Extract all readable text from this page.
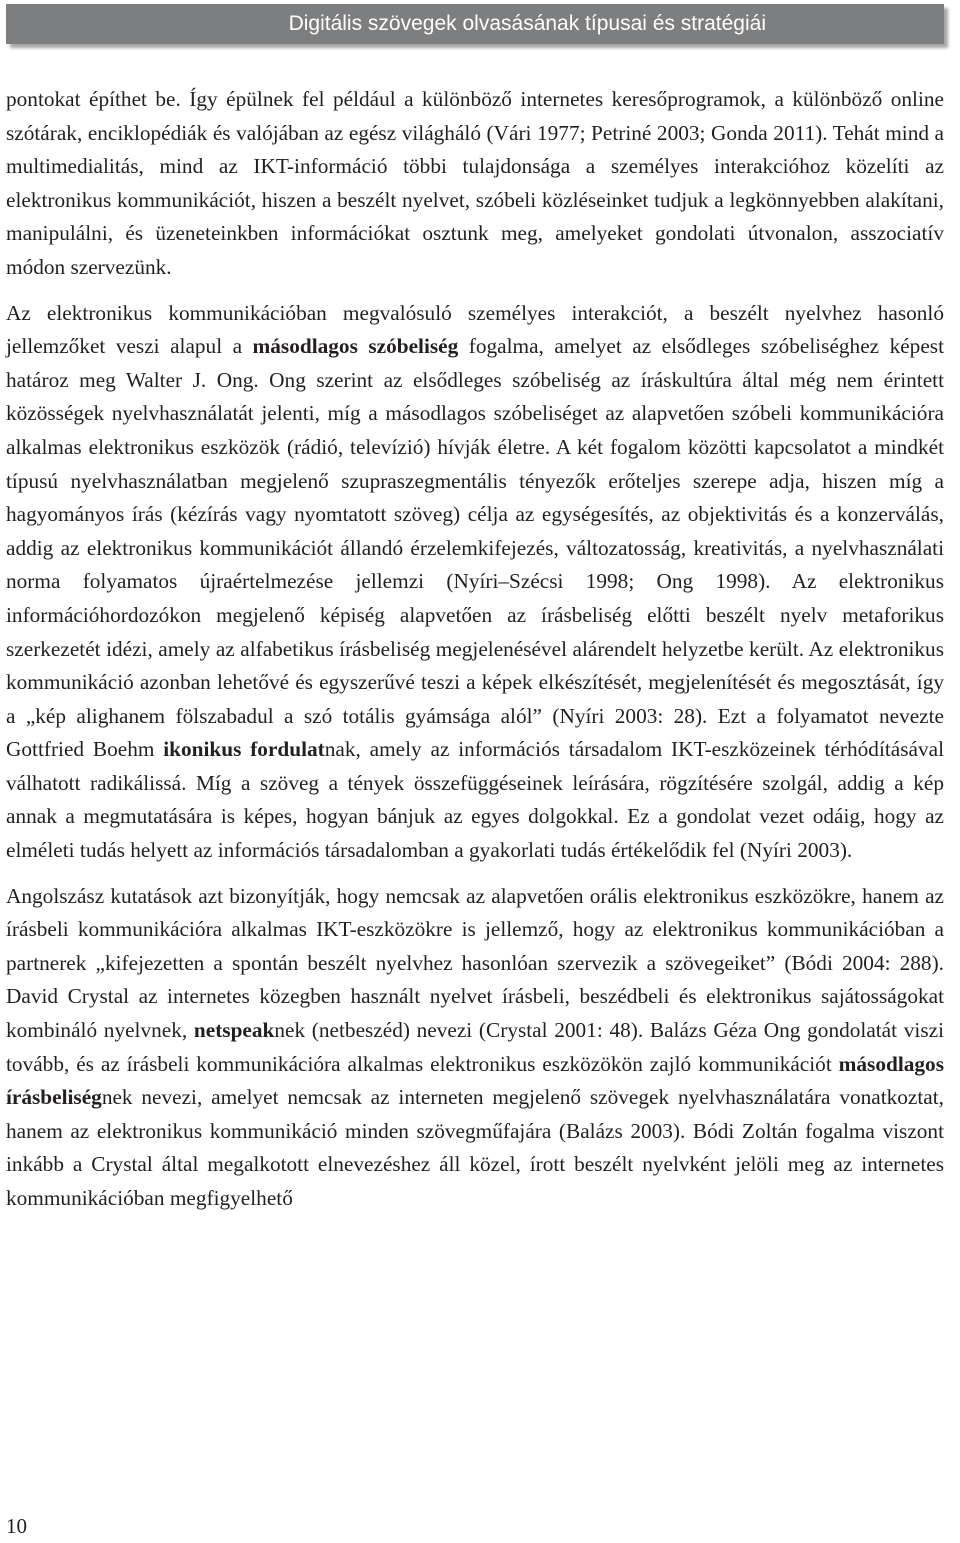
Digitális szövegek olvasásának típusai és stratégiái

pontokat építhet be. Így épülnek fel például a különböző internetes keresőprogramok, a különböző online szótárak, enciklopédiák és valójában az egész világháló (Vári 1977; Petriné 2003; Gonda 2011). Tehát mind a multimedialitás, mind az IKT-információ többi tulajdonsága a személyes interakcióhoz közelíti az elektronikus kommunikációt, hiszen a beszélt nyelvet, szóbeli közléseinket tudjuk a legkönnyebben alakítani, manipulálni, és üzeneteinkben információkat osztunk meg, amelyeket gondolati útvonalon, asszociatív módon szervezünk.

Az elektronikus kommunikációban megvalósuló személyes interakciót, a beszélt nyelvhez hasonló jellemzőket veszi alapul a másodlagos szóbeliség fogalma, amelyet az elsődleges szóbeliséghez képest határoz meg Walter J. Ong. Ong szerint az elsődleges szóbeliség az íráskultúra által még nem érintett közösségek nyelvhasználatát jelenti, míg a másodlagos szóbeliséget az alapvetően szóbeli kommunikációra alkalmas elektronikus eszközök (rádió, televízió) hívják életre. A két fogalom közötti kapcsolatot a mindkét típusú nyelvhasználatban megjelenő szupraszegmentális tényezők erőteljes szerepe adja, hiszen míg a hagyományos írás (kézírás vagy nyomtatott szöveg) célja az egységesítés, az objektivitás és a konzerválás, addig az elektronikus kommunikációt állandó érzelemkifejezés, változatosság, kreativitás, a nyelvhasználati norma folyamatos újraértelmezése jellemzi (Nyíri–Szécsi 1998; Ong 1998). Az elektronikus információhordozókon megjelenő képiség alapvetően az írásbeliség előtti beszélt nyelv metaforikus szerkezetét idézi, amely az alfabetikus írásbeliség megjelenésével alárendelt helyzetbe került. Az elektronikus kommunikáció azonban lehetővé és egyszerűvé teszi a képek elkészítését, megjelenítését és megosztását, így a „kép alighanem fölszabadul a szó totális gyámsága alól” (Nyíri 2003: 28). Ezt a folyamatot nevezte Gottfried Boehm ikonikus fordulatnak, amely az információs társadalom IKT-eszközeinek térhódításával válhatott radikálissá. Míg a szöveg a tények összefüggéseinek leírására, rögzítésére szolgál, addig a kép annak a megmutatására is képes, hogyan bánjuk az egyes dolgokkal. Ez a gondolat vezet odáig, hogy az elméleti tudás helyett az információs társadalomban a gyakorlati tudás értékelődik fel (Nyíri 2003).

Angolszász kutatások azt bizonyítják, hogy nemcsak az alapvetően orális elektronikus eszközökre, hanem az írásbeli kommunikációra alkalmas IKT-eszközökre is jellemző, hogy az elektronikus kommunikációban a partnerek „kifejezetten a spontán beszélt nyelvhez hasonlóan szervezik a szövegeiket” (Bódi 2004: 288). David Crystal az internetes közegben használt nyelvet írásbeli, beszédbeli és elektronikus sajátosságokat kombináló nyelvnek, netspeaknek (netbeszéd) nevezi (Crystal 2001: 48). Balázs Géza Ong gondolatát viszi tovább, és az írásbeli kommunikációra alkalmas elektronikus eszközökön zajló kommunikációt másodlagos írásbeliségnek nevezi, amelyet nemcsak az interneten megjelenő szövegek nyelvhasználatára vonatkoztat, hanem az elektronikus kommunikáció minden szövegműfajára (Balázs 2003). Bódi Zoltán fogalma viszont inkább a Crystal által megalkotott elnevezéshez áll közel, írott beszélt nyelvként jelöli meg az internetes kommunikációban megfigyelhető

10
